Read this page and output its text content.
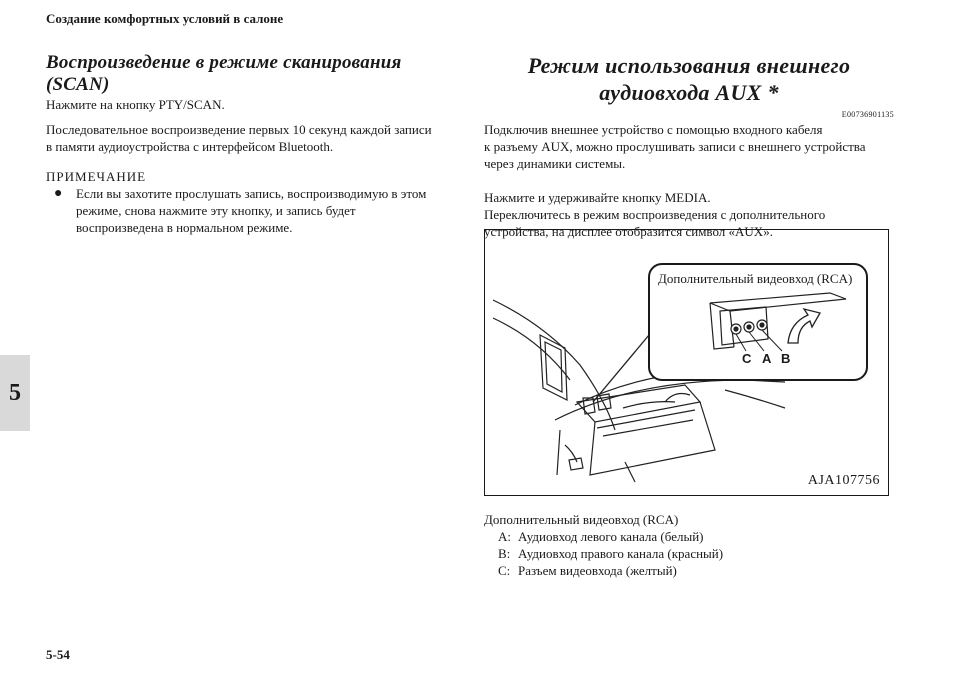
Создание комфортных условий в салоне
5
Воспроизведение в режиме сканирования (SCAN)

Нажмите на кнопку PTY/SCAN.

Последовательное воспроизведение первых 10 секунд каждой записи

в памяти аудиоустройства с интерфейсом Bluetooth.

ПРИМЕЧАНИЕ
●	Если вы захотите прослушать запись, воспроизводимую в этом

режиме, снова нажмите эту кнопку, и запись будет

воспроизведена в нормальном режиме.

Режим использования внешнего
аудиовхода AUX *
E00736901135

Подключив внешнее устройство с помощью входного кабеля

к разъему AUX, можно прослушивать записи с внешнего устройства

через динамики системы.

Нажмите и удерживайте кнопку MEDIA.

Переключитесь в режим воспроизведения с дополнительного

устройства, на дисплее отобразится символ «AUX».

AJA107756
Дополнительный видеовход (RCA)
C A B

Дополнительный видеовход (RCA)

A: Аудиовход левого канала (белый)
B: Аудиовход правого канала (красный)
C: Разъем видеовхода (желтый)
5-54
